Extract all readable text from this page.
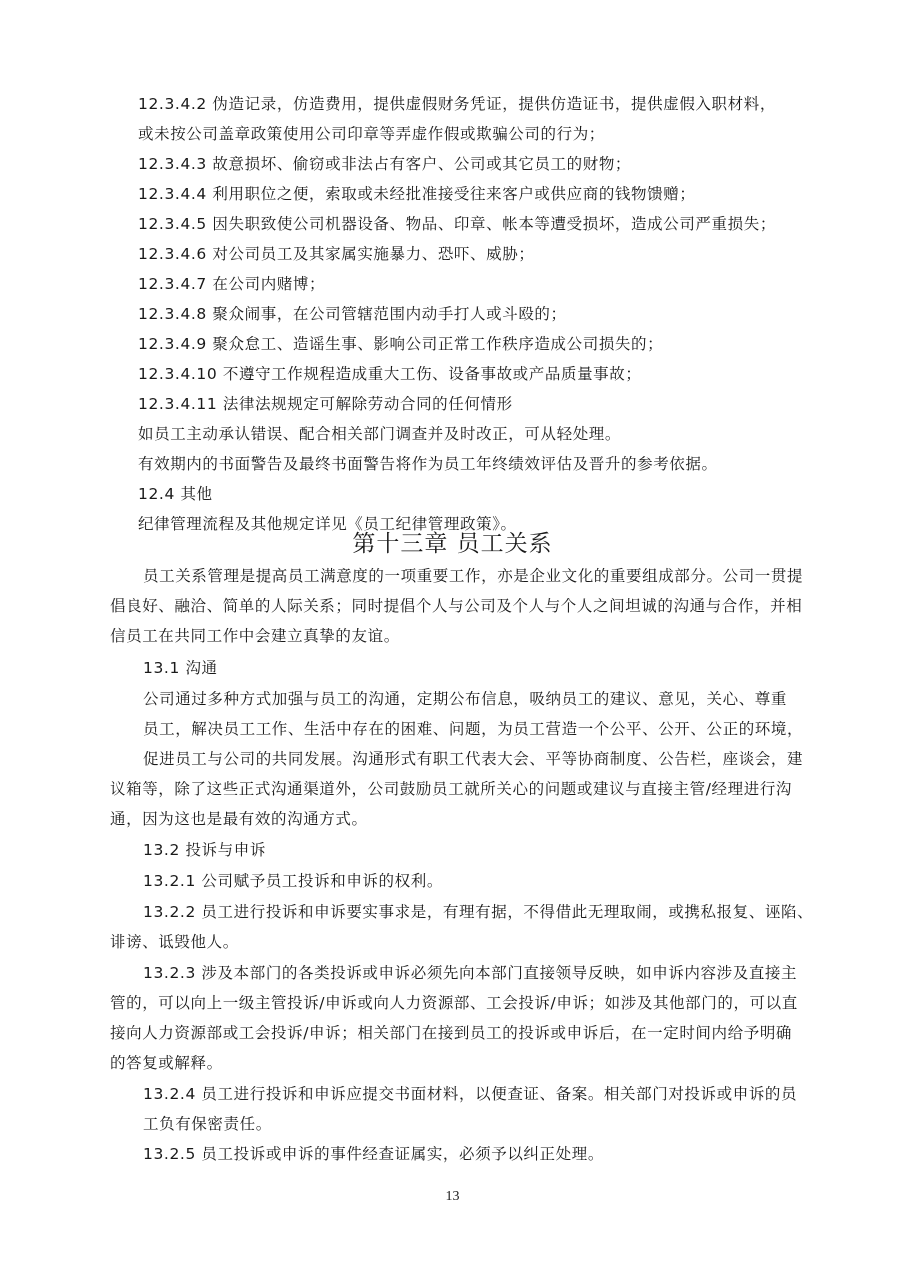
12.3.4.2 伪造记录，仿造费用，提供虚假财务凭证，提供仿造证书，提供虚假入职材料，

或未按公司盖章政策使用公司印章等弄虚作假或欺骗公司的行为；

12.3.4.3 故意损坏、偷窃或非法占有客户、公司或其它员工的财物；

12.3.4.4 利用职位之便，索取或未经批准接受往来客户或供应商的钱物馈赠；

12.3.4.5 因失职致使公司机器设备、物品、印章、帐本等遭受损坏，造成公司严重损失；

12.3.4.6 对公司员工及其家属实施暴力、恐吓、威胁；

12.3.4.7 在公司内赌博；

12.3.4.8 聚众闹事，在公司管辖范围内动手打人或斗殴的；

12.3.4.9 聚众怠工、造谣生事、影响公司正常工作秩序造成公司损失的；

12.3.4.10 不遵守工作规程造成重大工伤、设备事故或产品质量事故；

12.3.4.11 法律法规规定可解除劳动合同的任何情形

如员工主动承认错误、配合相关部门调查并及时改正，可从轻处理。

有效期内的书面警告及最终书面警告将作为员工年终绩效评估及晋升的参考依据。

12.4 其他

纪律管理流程及其他规定详见《员工纪律管理政策》。

第十三章 员工关系

员工关系管理是提高员工满意度的一项重要工作，亦是企业文化的重要组成部分。公司一贯提

倡良好、融洽、简单的人际关系；同时提倡个人与公司及个人与个人之间坦诚的沟通与合作，并相

信员工在共同工作中会建立真挚的友谊。

13.1 沟通

公司通过多种方式加强与员工的沟通，定期公布信息，吸纳员工的建议、意见，关心、尊重

员工，解决员工工作、生活中存在的困难、问题，为员工营造一个公平、公开、公正的环境，

促进员工与公司的共同发展。沟通形式有职工代表大会、平等协商制度、公告栏，座谈会，建

议箱等，除了这些正式沟通渠道外，公司鼓励员工就所关心的问题或建议与直接主管/经理进行沟

通，因为这也是最有效的沟通方式。

13.2 投诉与申诉

13.2.1 公司赋予员工投诉和申诉的权利。

13.2.2 员工进行投诉和申诉要实事求是，有理有据，不得借此无理取闹，或携私报复、诬陷、

诽谤、诋毁他人。

13.2.3 涉及本部门的各类投诉或申诉必须先向本部门直接领导反映，如申诉内容涉及直接主

管的，可以向上一级主管投诉/申诉或向人力资源部、工会投诉/申诉；如涉及其他部门的，可以直

接向人力资源部或工会投诉/申诉；相关部门在接到员工的投诉或申诉后，在一定时间内给予明确

的答复或解释。

13.2.4 员工进行投诉和申诉应提交书面材料，以便查证、备案。相关部门对投诉或申诉的员

工负有保密责任。

13.2.5 员工投诉或申诉的事件经查证属实，必须予以纠正处理。

13
